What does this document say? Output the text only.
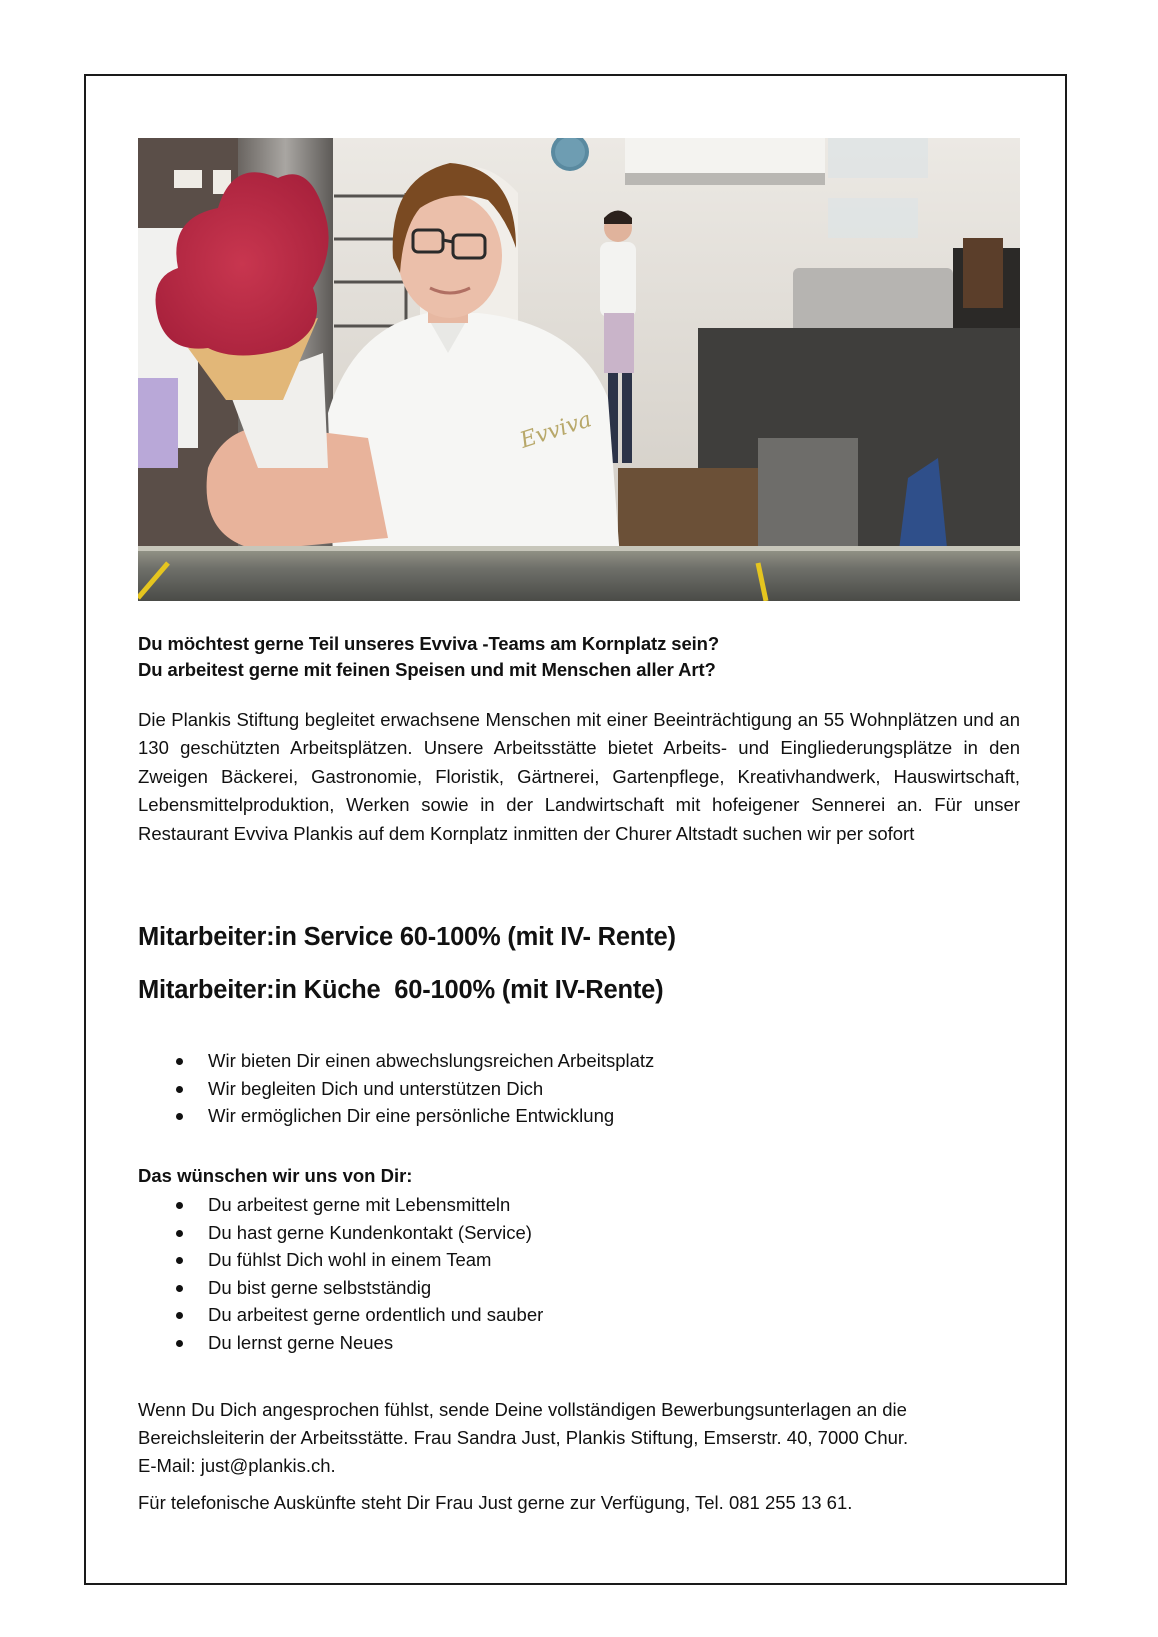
Evviva
Du möchtest gerne Teil unseres Evviva -Teams am Kornplatz sein?
Du arbeitest gerne mit feinen Speisen und mit Menschen aller Art?

Die Plankis Stiftung begleitet erwachsene Menschen mit einer Beeinträchtigung an 55 Wohnplätzen und an 130 geschützten Arbeitsplätzen. Unsere Arbeitsstätte bietet Arbeits- und Eingliederungsplätze in den Zweigen Bäckerei, Gastronomie, Floristik, Gärtnerei, Gartenpflege, Kreativhandwerk, Hauswirtschaft, Lebensmittelproduktion, Werken sowie in der Landwirtschaft mit hofeigener Sennerei an. Für unser Restaurant Evviva Plankis auf dem Kornplatz inmitten der Churer Altstadt suchen wir per sofort

Mitarbeiter:in Service 60-100% (mit IV- Rente)
Mitarbeiter:in Küche  60-100% (mit IV-Rente)
Wir bieten Dir einen abwechslungsreichen Arbeitsplatz
Wir begleiten Dich und unterstützen Dich
Wir ermöglichen Dir eine persönliche Entwicklung
Das wünschen wir uns von Dir:
Du arbeitest gerne mit Lebensmitteln
Du hast gerne Kundenkontakt (Service)
Du fühlst Dich wohl in einem Team
Du bist gerne selbstständig
Du arbeitest gerne ordentlich und sauber
Du lernst gerne Neues
Wenn Du Dich angesprochen fühlst, sende Deine vollständigen Bewerbungsunterlagen an die Bereichsleiterin der Arbeitsstätte. Frau Sandra Just, Plankis Stiftung, Emserstr. 40, 7000 Chur.
E-Mail: just@plankis.ch.
Für telefonische Auskünfte steht Dir Frau Just gerne zur Verfügung, Tel. 081 255 13 61.
